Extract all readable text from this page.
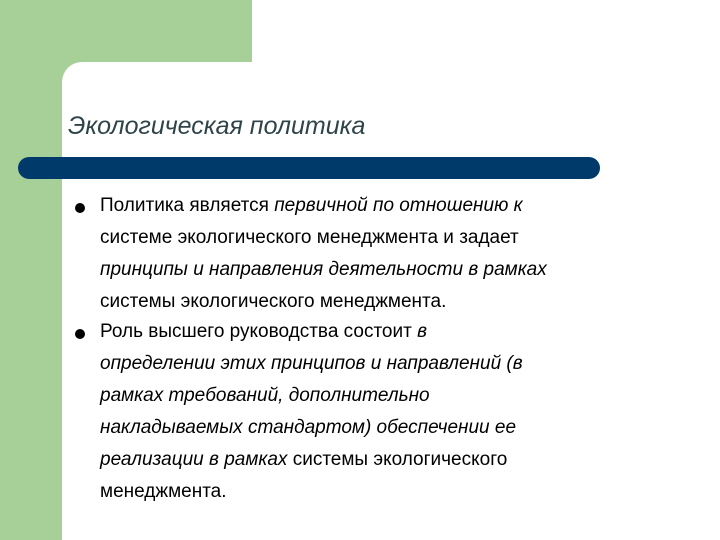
Экологическая политика
Политика является первичной по отношению к
системе экологического менеджмента и задает
принципы и направления деятельности в рамках
системы экологического менеджмента.
Роль высшего руководства состоит в
определении этих принципов и направлений (в
рамках требований, дополнительно
накладываемых стандартом) обеспечении ее
реализации в рамках системы экологического
менеджмента.
